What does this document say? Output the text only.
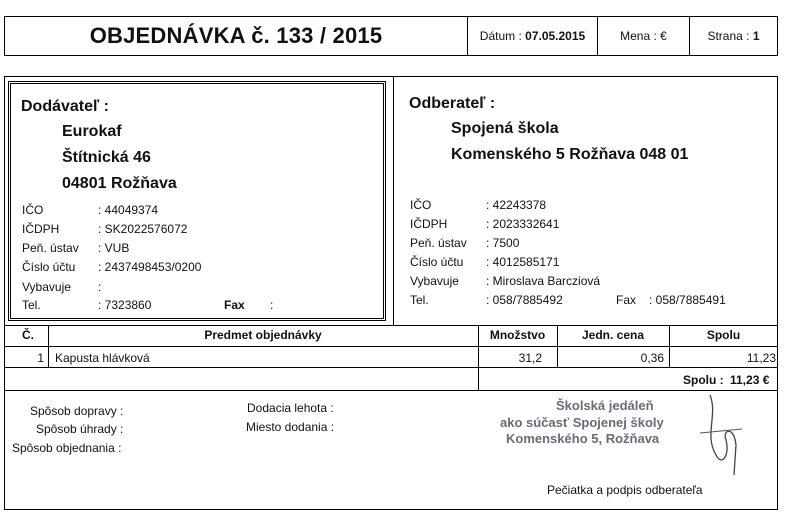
OBJEDNÁVKA č. 133 / 2015	Dátum : 07.05.2015	Mena : €	Strana : 1
Dodávateľ :
Eurokaf
Štítnická 46
04801 Rožňava
IČO	: 44049374
IČDPH	: SK2022576072
Peň. ústav : VUB
Číslo účtu : 2437498453/0200
Vybavuje :
Tel.	: 7323860	Fax :
Odberateľ :
Spojená škola
Komenského 5 Rožňava 048 01
IČO	: 42243378
IČDPH	: 2023332641
Peň. ústav : 7500
Číslo účtu : 4012585171
Vybavuje : Miroslava Barcziová
Tel.	: 058/7885492	Fax : 058/7885491
Č.	Predmet objednávky	Množstvo	Jedn. cena	Spolu
1 Kapusta hlávková	31,2	0,36	11,23
Spolu : 11,23 €
Spôsob dopravy :
Spôsob úhrady :
Spôsob objednania :
Dodacia lehota :
Miesto dodania :
Pečiatka a podpis odberateľa
Školská jedáleň
ako súčasť Spojenej školy
Komenského 5, Rožňava
